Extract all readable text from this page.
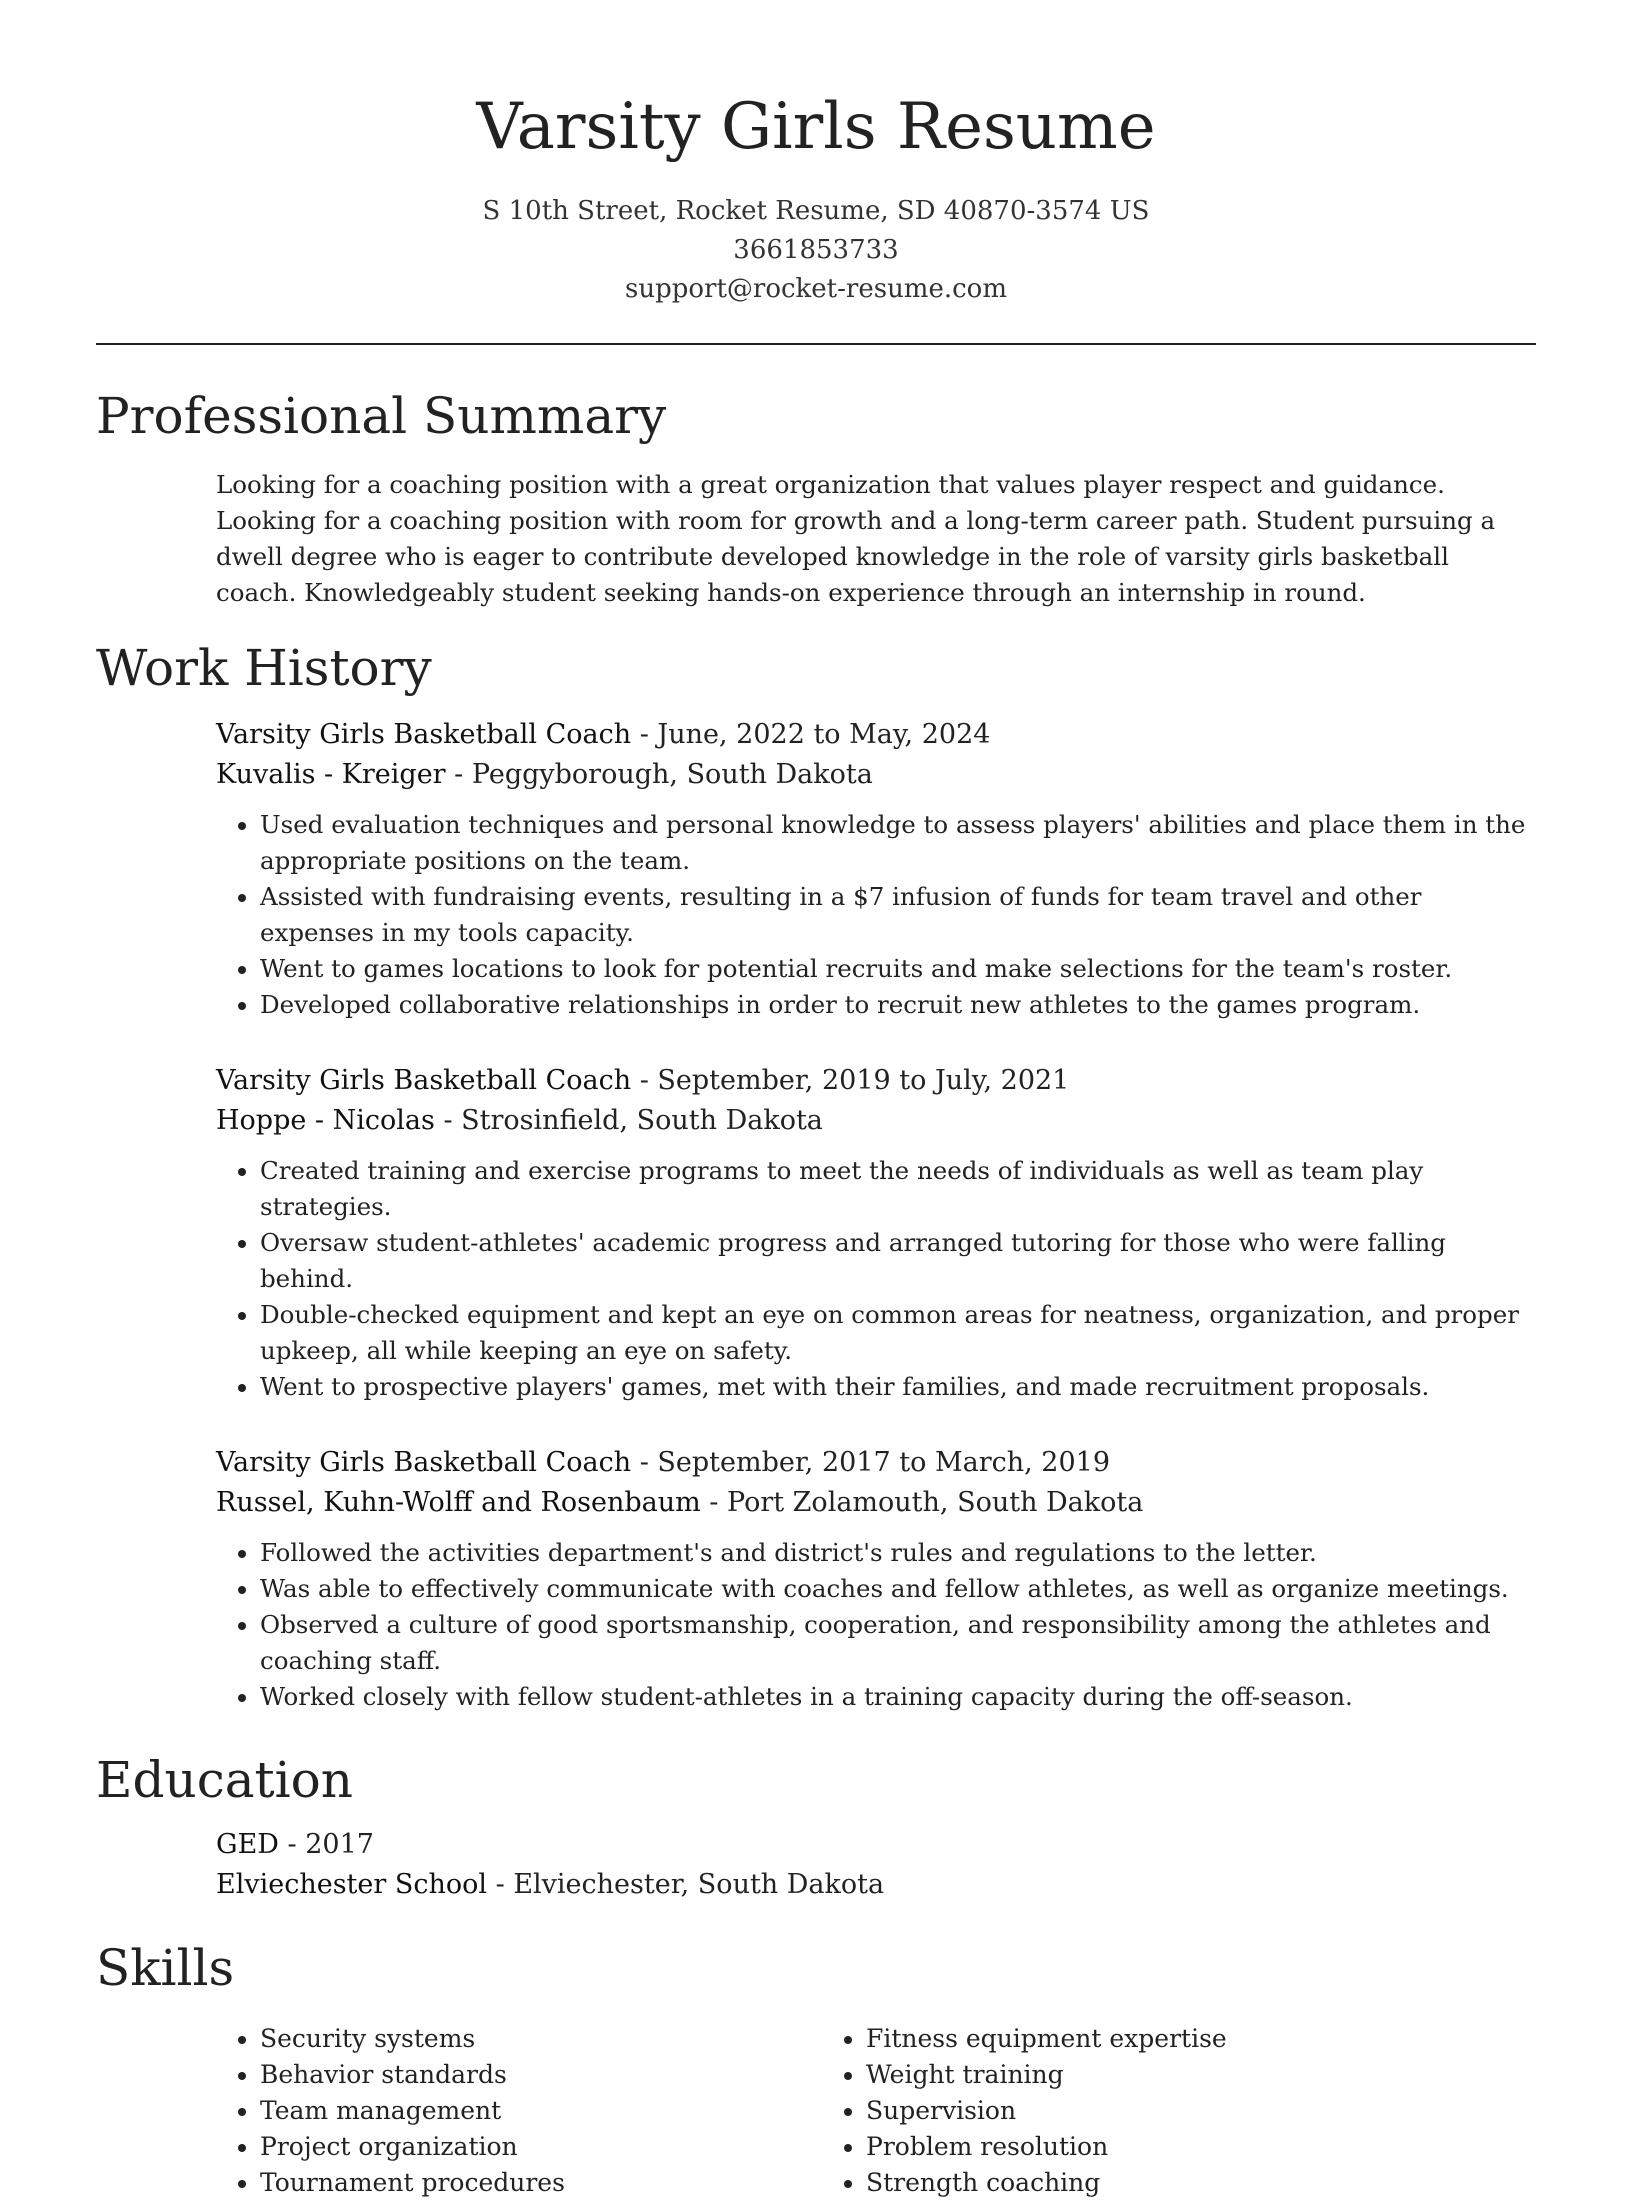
Varsity Girls Resume
S 10th Street, Rocket Resume, SD 40870-3574 US
3661853733
support@rocket-resume.com
Professional Summary
Looking for a coaching position with a great organization that values player respect and guidance. Looking for a coaching position with room for growth and a long-term career path. Student pursuing a dwell degree who is eager to contribute developed knowledge in the role of varsity girls basketball coach. Knowledgeably student seeking hands-on experience through an internship in round.
Work History
Varsity Girls Basketball Coach - June, 2022 to May, 2024
Kuvalis - Kreiger - Peggyborough, South Dakota
• Used evaluation techniques and personal knowledge to assess players' abilities and place them in the appropriate positions on the team.
• Assisted with fundraising events, resulting in a $7 infusion of funds for team travel and other expenses in my tools capacity.
• Went to games locations to look for potential recruits and make selections for the team's roster.
• Developed collaborative relationships in order to recruit new athletes to the games program.
Varsity Girls Basketball Coach - September, 2019 to July, 2021
Hoppe - Nicolas - Strosinfield, South Dakota
• Created training and exercise programs to meet the needs of individuals as well as team play strategies.
• Oversaw student-athletes' academic progress and arranged tutoring for those who were falling behind.
• Double-checked equipment and kept an eye on common areas for neatness, organization, and proper upkeep, all while keeping an eye on safety.
• Went to prospective players' games, met with their families, and made recruitment proposals.
Varsity Girls Basketball Coach - September, 2017 to March, 2019
Russel, Kuhn-Wolff and Rosenbaum - Port Zolamouth, South Dakota
• Followed the activities department's and district's rules and regulations to the letter.
• Was able to effectively communicate with coaches and fellow athletes, as well as organize meetings.
• Observed a culture of good sportsmanship, cooperation, and responsibility among the athletes and coaching staff.
• Worked closely with fellow student-athletes in a training capacity during the off-season.
Education
GED - 2017
Elviechester School - Elviechester, South Dakota
Skills
• Security systems
• Behavior standards
• Team management
• Project organization
• Tournament procedures
• Fitness equipment expertise
• Weight training
• Supervision
• Problem resolution
• Strength coaching
